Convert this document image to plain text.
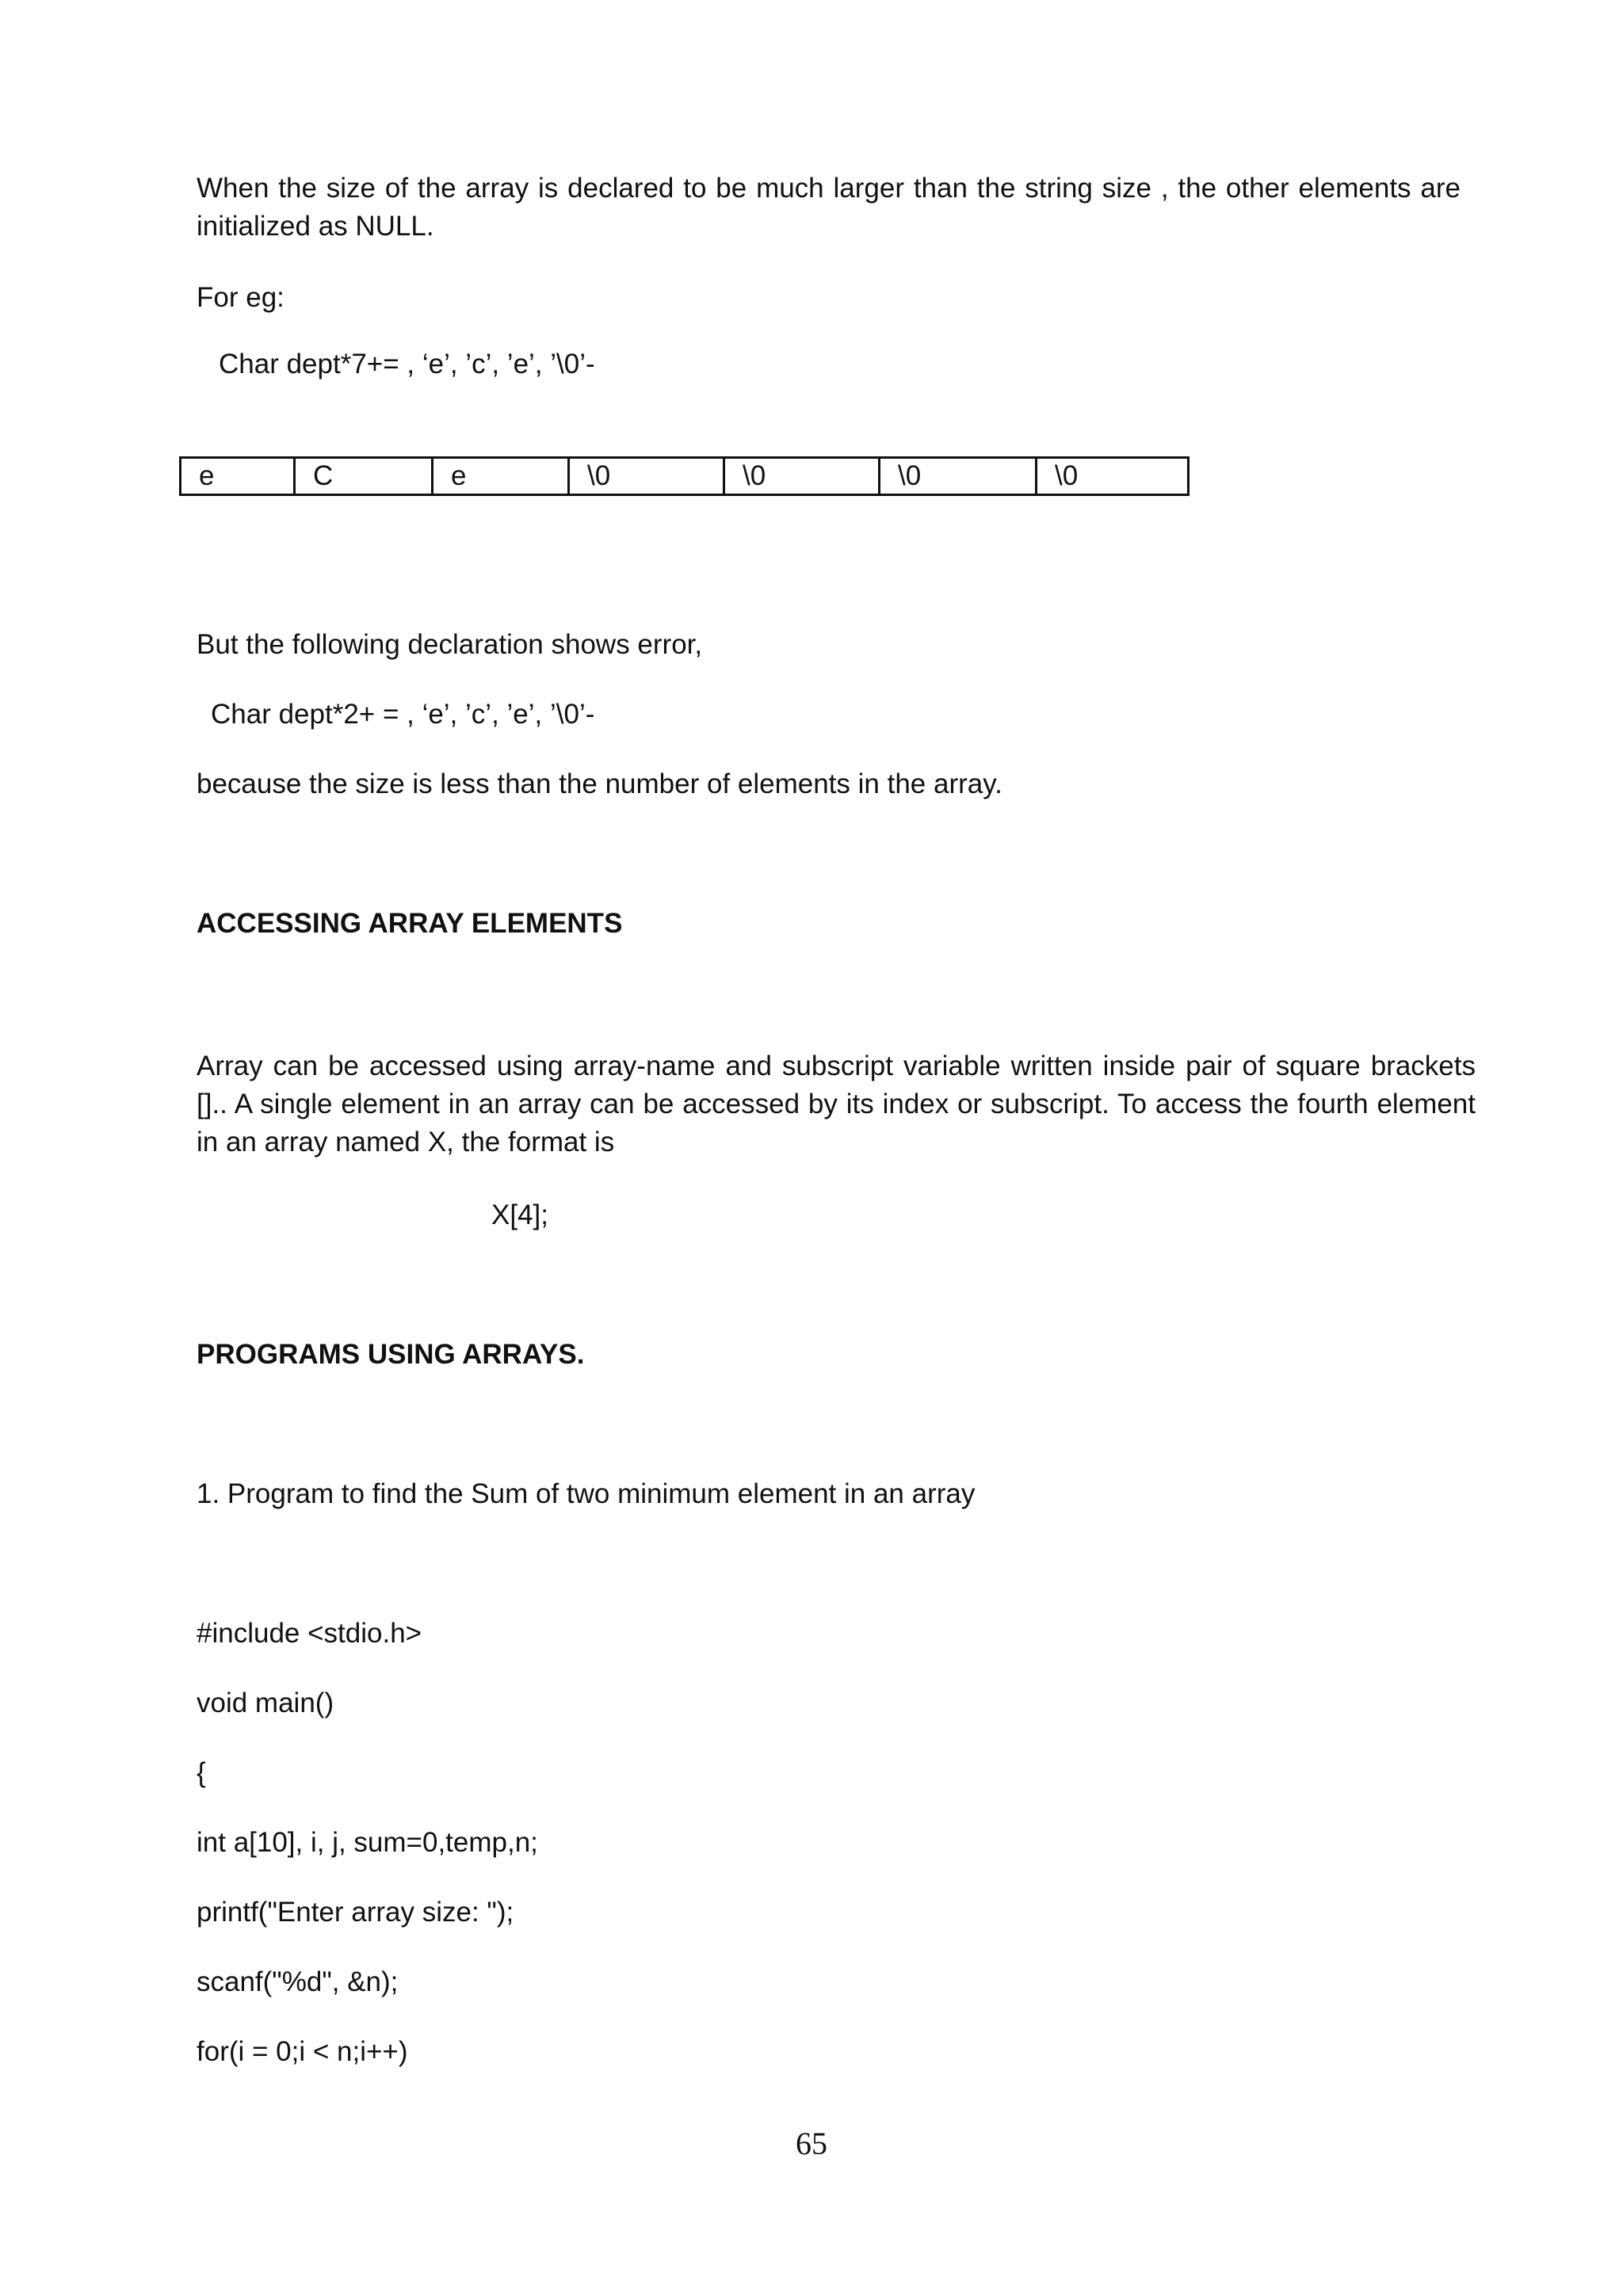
When the size of the array is declared to be much larger than the string size , the other elements are initialized as NULL.
For eg:
Char dept*7+= , ‘e’, ’c’, ’e’, ’\0’-
e	C	e	\0	\0	\0	\0
But the following declaration shows error,
Char dept*2+ = , ‘e’, ’c’, ’e’, ’\0’-
because the size is less than the number of elements in the array.
ACCESSING ARRAY ELEMENTS
Array can be accessed using array-name and subscript variable written inside pair of square brackets [].. A single element in an array can be accessed by its index or subscript. To access the fourth element in an array named X, the format is
X[4];
PROGRAMS USING ARRAYS.
1. Program to find the Sum of two minimum element in an array
#include <stdio.h>
void main()
{
int a[10], i, j, sum=0,temp,n;
printf("Enter array size: ");
scanf("%d", &n);
for(i = 0;i < n;i++)
65
